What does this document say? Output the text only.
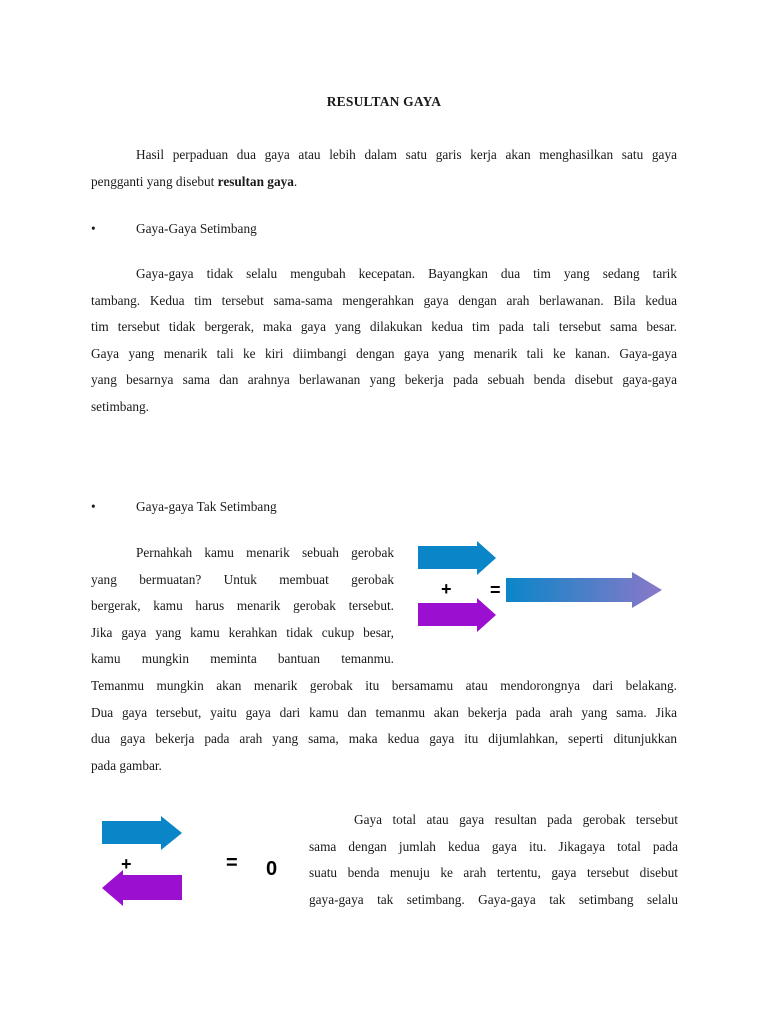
RESULTAN GAYA
Hasil perpaduan dua gaya atau lebih dalam satu garis kerja akan menghasilkan satu gaya
pengganti yang disebut resultan gaya.
•	Gaya-Gaya Setimbang
Gaya-gaya tidak selalu mengubah kecepatan. Bayangkan dua tim yang sedang tarik
tambang. Kedua tim tersebut sama-sama mengerahkan gaya dengan arah berlawanan. Bila kedua
tim tersebut tidak bergerak, maka gaya yang dilakukan kedua tim pada tali tersebut sama besar.
Gaya yang menarik tali ke kiri diimbangi dengan gaya yang menarik tali ke kanan. Gaya-gaya
yang besarnya sama dan arahnya berlawanan yang bekerja pada sebuah benda disebut gaya-gaya
setimbang.
•	Gaya-gaya Tak Setimbang
Pernahkah kamu menarik sebuah gerobak
yang bermuatan? Untuk membuat gerobak
bergerak, kamu harus menarik gerobak tersebut.
Jika gaya yang kamu kerahkan tidak cukup besar,
kamu mungkin meminta bantuan temanmu.
Temanmu mungkin akan menarik gerobak itu bersamamu atau mendorongnya dari belakang.
Dua gaya tersebut, yaitu gaya dari kamu dan temanmu akan bekerja pada arah yang sama. Jika
dua gaya bekerja pada arah yang sama, maka kedua gaya itu dijumlahkan, seperti ditunjukkan
pada gambar.
+ =
+	= 0
Gaya total atau gaya resultan pada gerobak tersebut
sama dengan jumlah kedua gaya itu. Jikagaya total pada
suatu benda menuju ke arah tertentu, gaya tersebut disebut
gaya-gaya tak setimbang. Gaya-gaya tak setimbang selalu
